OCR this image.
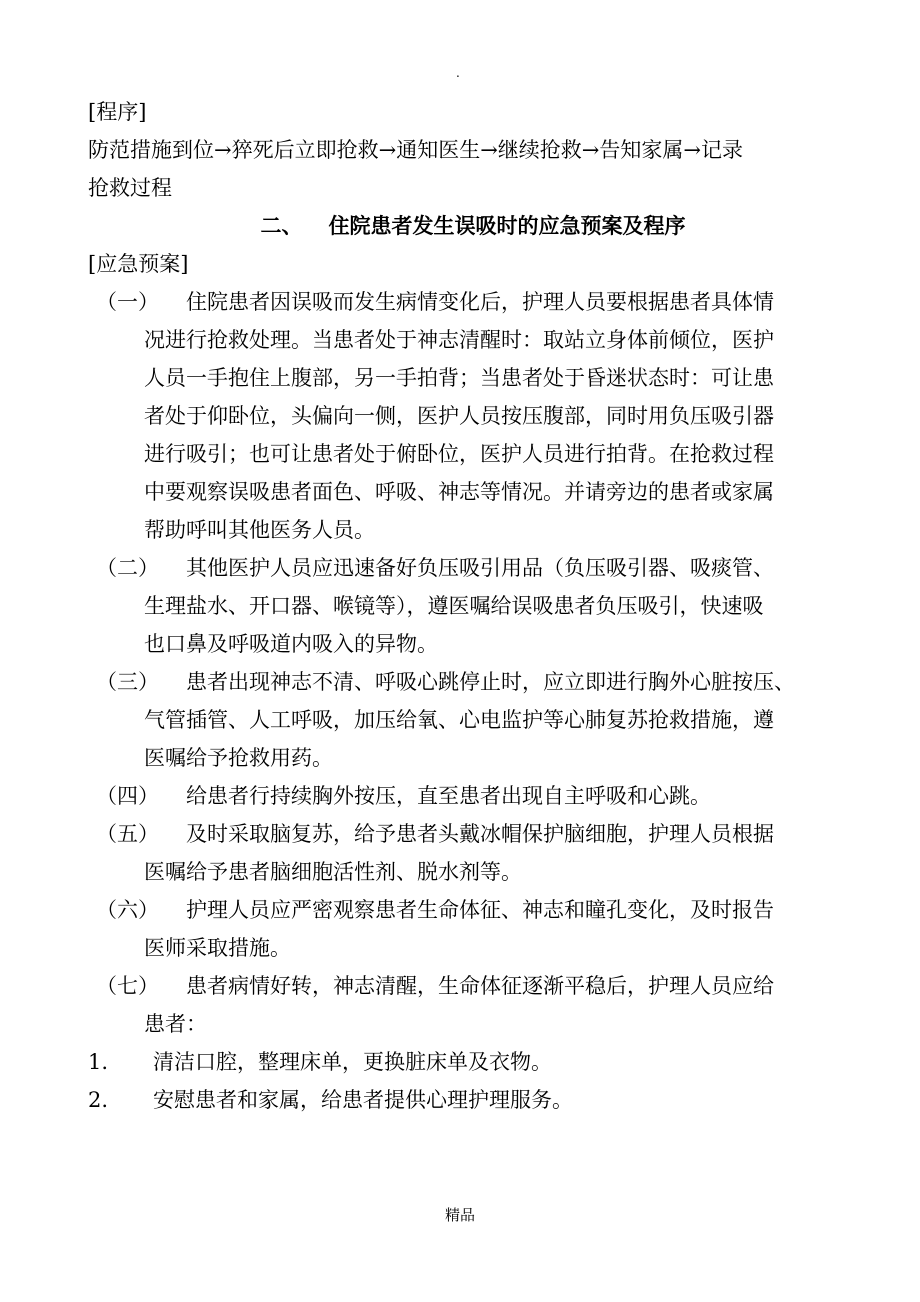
.
[程序]
防范措施到位→猝死后立即抢救→通知医生→继续抢救→告知家属→记录
抢救过程
二、 住院患者发生误吸时的应急预案及程序
[应急预案]
（一）	住院患者因误吸而发生病情变化后，护理人员要根据患者具体情
况进行抢救处理。当患者处于神志清醒时：取站立身体前倾位，医护
人员一手抱住上腹部，另一手拍背；当患者处于昏迷状态时：可让患
者处于仰卧位，头偏向一侧，医护人员按压腹部，同时用负压吸引器
进行吸引；也可让患者处于俯卧位，医护人员进行拍背。在抢救过程
中要观察误吸患者面色、呼吸、神志等情况。并请旁边的患者或家属
帮助呼叫其他医务人员。
（二）	其他医护人员应迅速备好负压吸引用品（负压吸引器、吸痰管、
生理盐水、开口器、喉镜等），遵医嘱给误吸患者负压吸引，快速吸
也口鼻及呼吸道内吸入的异物。
（三）	患者出现神志不清、呼吸心跳停止时，应立即进行胸外心脏按压、
气管插管、人工呼吸，加压给氧、心电监护等心肺复苏抢救措施，遵
医嘱给予抢救用药。
（四）	给患者行持续胸外按压，直至患者出现自主呼吸和心跳。
（五）	及时采取脑复苏，给予患者头戴冰帽保护脑细胞，护理人员根据
医嘱给予患者脑细胞活性剂、脱水剂等。
（六）	护理人员应严密观察患者生命体征、神志和瞳孔变化，及时报告
医师采取措施。
（七）	患者病情好转，神志清醒，生命体征逐渐平稳后，护理人员应给
患者：
1.	清洁口腔，整理床单，更换脏床单及衣物。
2.	安慰患者和家属，给患者提供心理护理服务。
精品
